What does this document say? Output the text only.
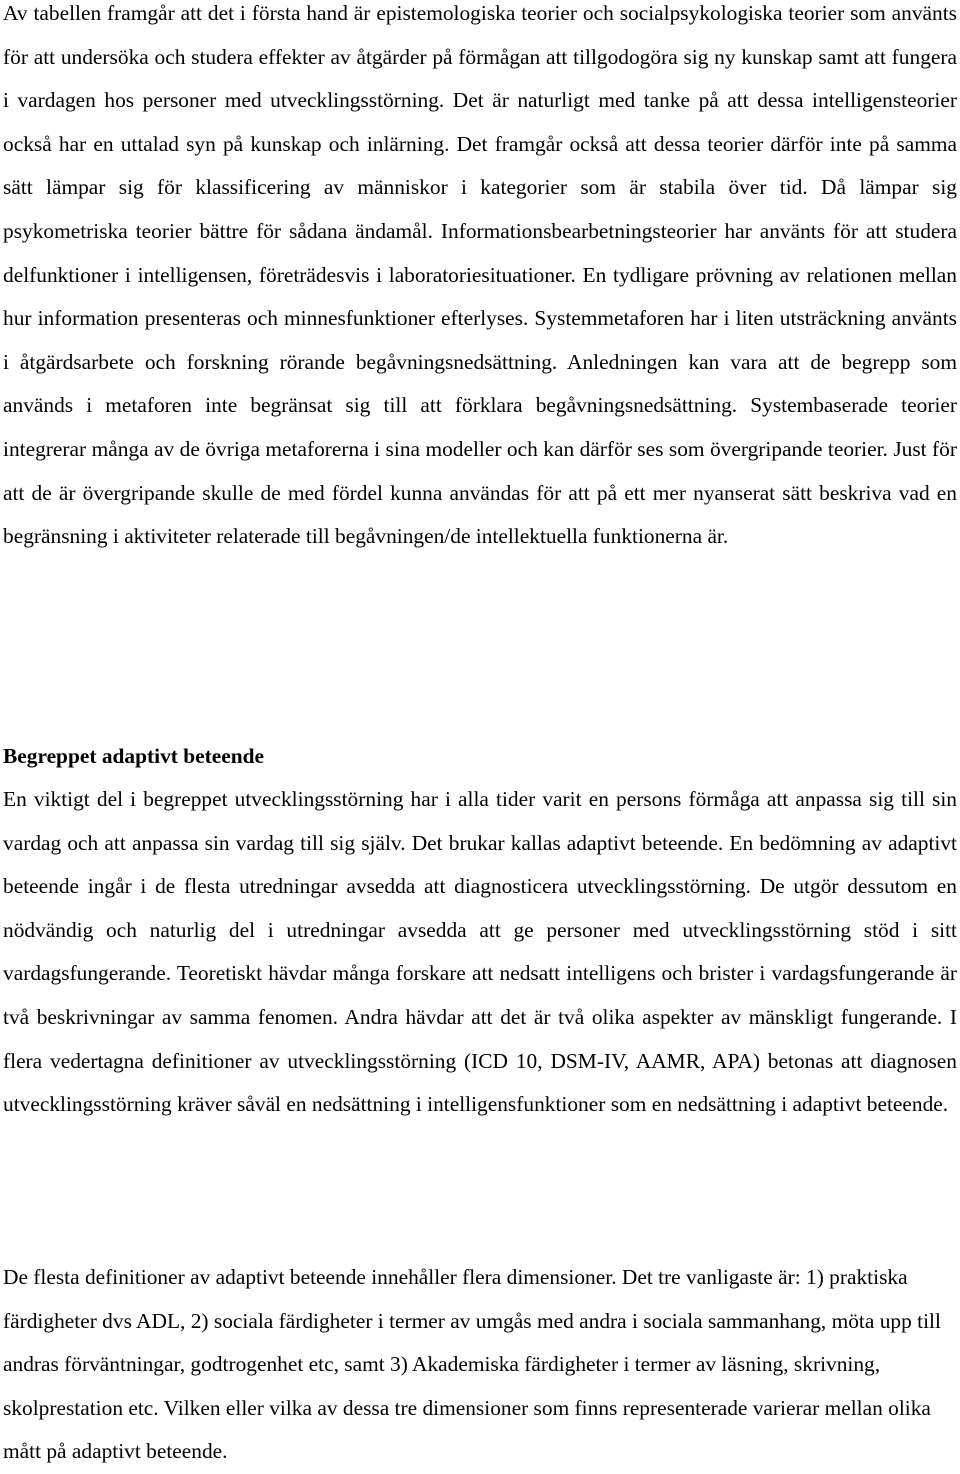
Av tabellen framgår att det i första hand är epistemologiska teorier och socialpsykologiska teorier som använts för att undersöka och studera effekter av åtgärder på förmågan att tillgodogöra sig ny kunskap samt att fungera i vardagen hos personer med utvecklingsstörning. Det är naturligt med tanke på att dessa intelligensteorier också har en uttalad syn på kunskap och inlärning. Det framgår också att dessa teorier därför inte på samma sätt lämpar sig för klassificering av människor i kategorier som är stabila över tid. Då lämpar sig psykometriska teorier bättre för sådana ändamål. Informationsbearbetningsteorier har använts för att studera delfunktioner i intelligensen, företrädesvis i laboratoriesituationer. En tydligare prövning av relationen mellan hur information presenteras och minnesfunktioner efterlyses. Systemmetaforen har i liten utsträckning använts i åtgärdsarbete och forskning rörande begåvningsnedsättning. Anledningen kan vara att de begrepp som används i metaforen inte begränsat sig till att förklara begåvningsnedsättning. Systembaserade teorier integrerar många av de övriga metaforerna i sina modeller och kan därför ses som övergripande teorier. Just för att de är övergripande skulle de med fördel kunna användas för att på ett mer nyanserat sätt beskriva vad en begränsning i aktiviteter relaterade till begåvningen/de intellektuella funktionerna är.

Begreppet adaptivt beteende

En viktigt del i begreppet utvecklingsstörning har i alla tider varit en persons förmåga att anpassa sig till sin vardag och att anpassa sin vardag till sig själv. Det brukar kallas adaptivt beteende. En bedömning av adaptivt beteende ingår i de flesta utredningar avsedda att diagnosticera utvecklingsstörning. De utgör dessutom en nödvändig och naturlig del i utredningar avsedda att ge personer med utvecklingsstörning stöd i sitt vardagsfungerande. Teoretiskt hävdar många forskare att nedsatt intelligens och brister i vardagsfungerande är två beskrivningar av samma fenomen. Andra hävdar att det är två olika aspekter av mänskligt fungerande. I flera vedertagna definitioner av utvecklingsstörning (ICD 10, DSM-IV, AAMR, APA) betonas att diagnosen utvecklingsstörning kräver såväl en nedsättning i intelligensfunktioner som en nedsättning i adaptivt beteende.

De flesta definitioner av adaptivt beteende innehåller flera dimensioner. Det tre vanligaste är: 1) praktiska färdigheter dvs ADL, 2) sociala färdigheter i termer av umgås med andra i sociala sammanhang, möta upp till andras förväntningar, godtrogenhet etc, samt 3) Akademiska färdigheter i termer av läsning, skrivning, skolprestation etc. Vilken eller vilka av dessa tre dimensioner som finns representerade varierar mellan olika mått på adaptivt beteende.
